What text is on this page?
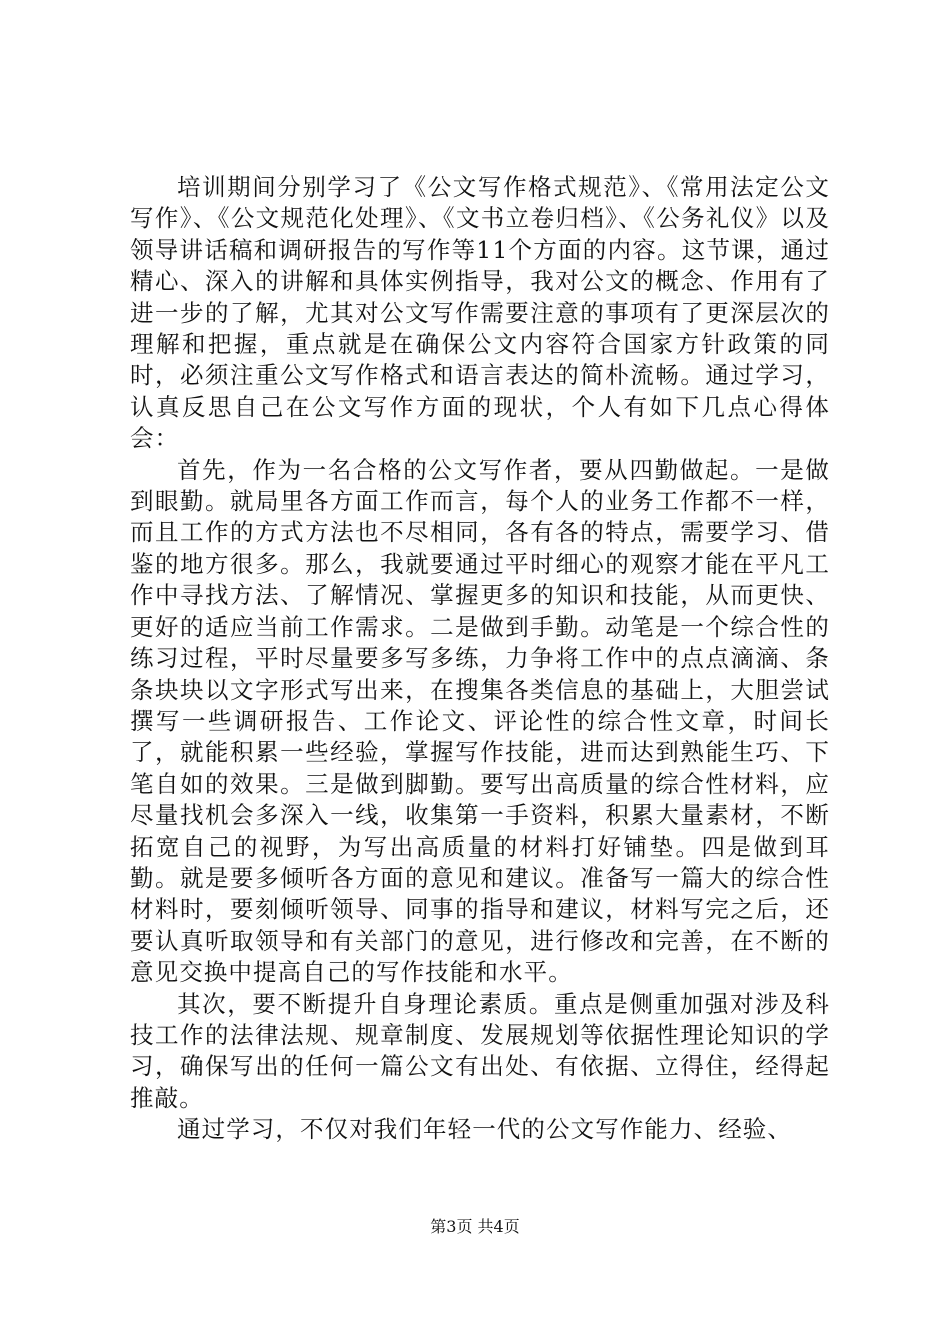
培训期间分别学习了《公文写作格式规范》、《常用法定公文写作》、《公文规范化处理》、《文书立卷归档》、《公务礼仪》以及领导讲话稿和调研报告的写作等11个方面的内容。这节课，通过精心、深入的讲解和具体实例指导，我对公文的概念、作用有了进一步的了解，尤其对公文写作需要注意的事项有了更深层次的理解和把握，重点就是在确保公文内容符合国家方针政策的同时，必须注重公文写作格式和语言表达的简朴流畅。通过学习，认真反思自己在公文写作方面的现状，个人有如下几点心得体会：

首先，作为一名合格的公文写作者，要从四勤做起。一是做到眼勤。就局里各方面工作而言，每个人的业务工作都不一样，而且工作的方式方法也不尽相同，各有各的特点，需要学习、借鉴的地方很多。那么，我就要通过平时细心的观察才能在平凡工作中寻找方法、了解情况、掌握更多的知识和技能，从而更快、更好的适应当前工作需求。二是做到手勤。动笔是一个综合性的练习过程，平时尽量要多写多练，力争将工作中的点点滴滴、条条块块以文字形式写出来，在搜集各类信息的基础上，大胆尝试撰写一些调研报告、工作论文、评论性的综合性文章，时间长了，就能积累一些经验，掌握写作技能，进而达到熟能生巧、下笔自如的效果。三是做到脚勤。要写出高质量的综合性材料，应尽量找机会多深入一线，收集第一手资料，积累大量素材，不断拓宽自己的视野，为写出高质量的材料打好铺垫。四是做到耳勤。就是要多倾听各方面的意见和建议。准备写一篇大的综合性材料时，要刻倾听领导、同事的指导和建议，材料写完之后，还要认真听取领导和有关部门的意见，进行修改和完善，在不断的意见交换中提高自己的写作技能和水平。

其次，要不断提升自身理论素质。重点是侧重加强对涉及科技工作的法律法规、规章制度、发展规划等依据性理论知识的学习，确保写出的任何一篇公文有出处、有依据、立得住，经得起推敲。

通过学习，不仅对我们年轻一代的公文写作能力、经验、

第3页 共4页
